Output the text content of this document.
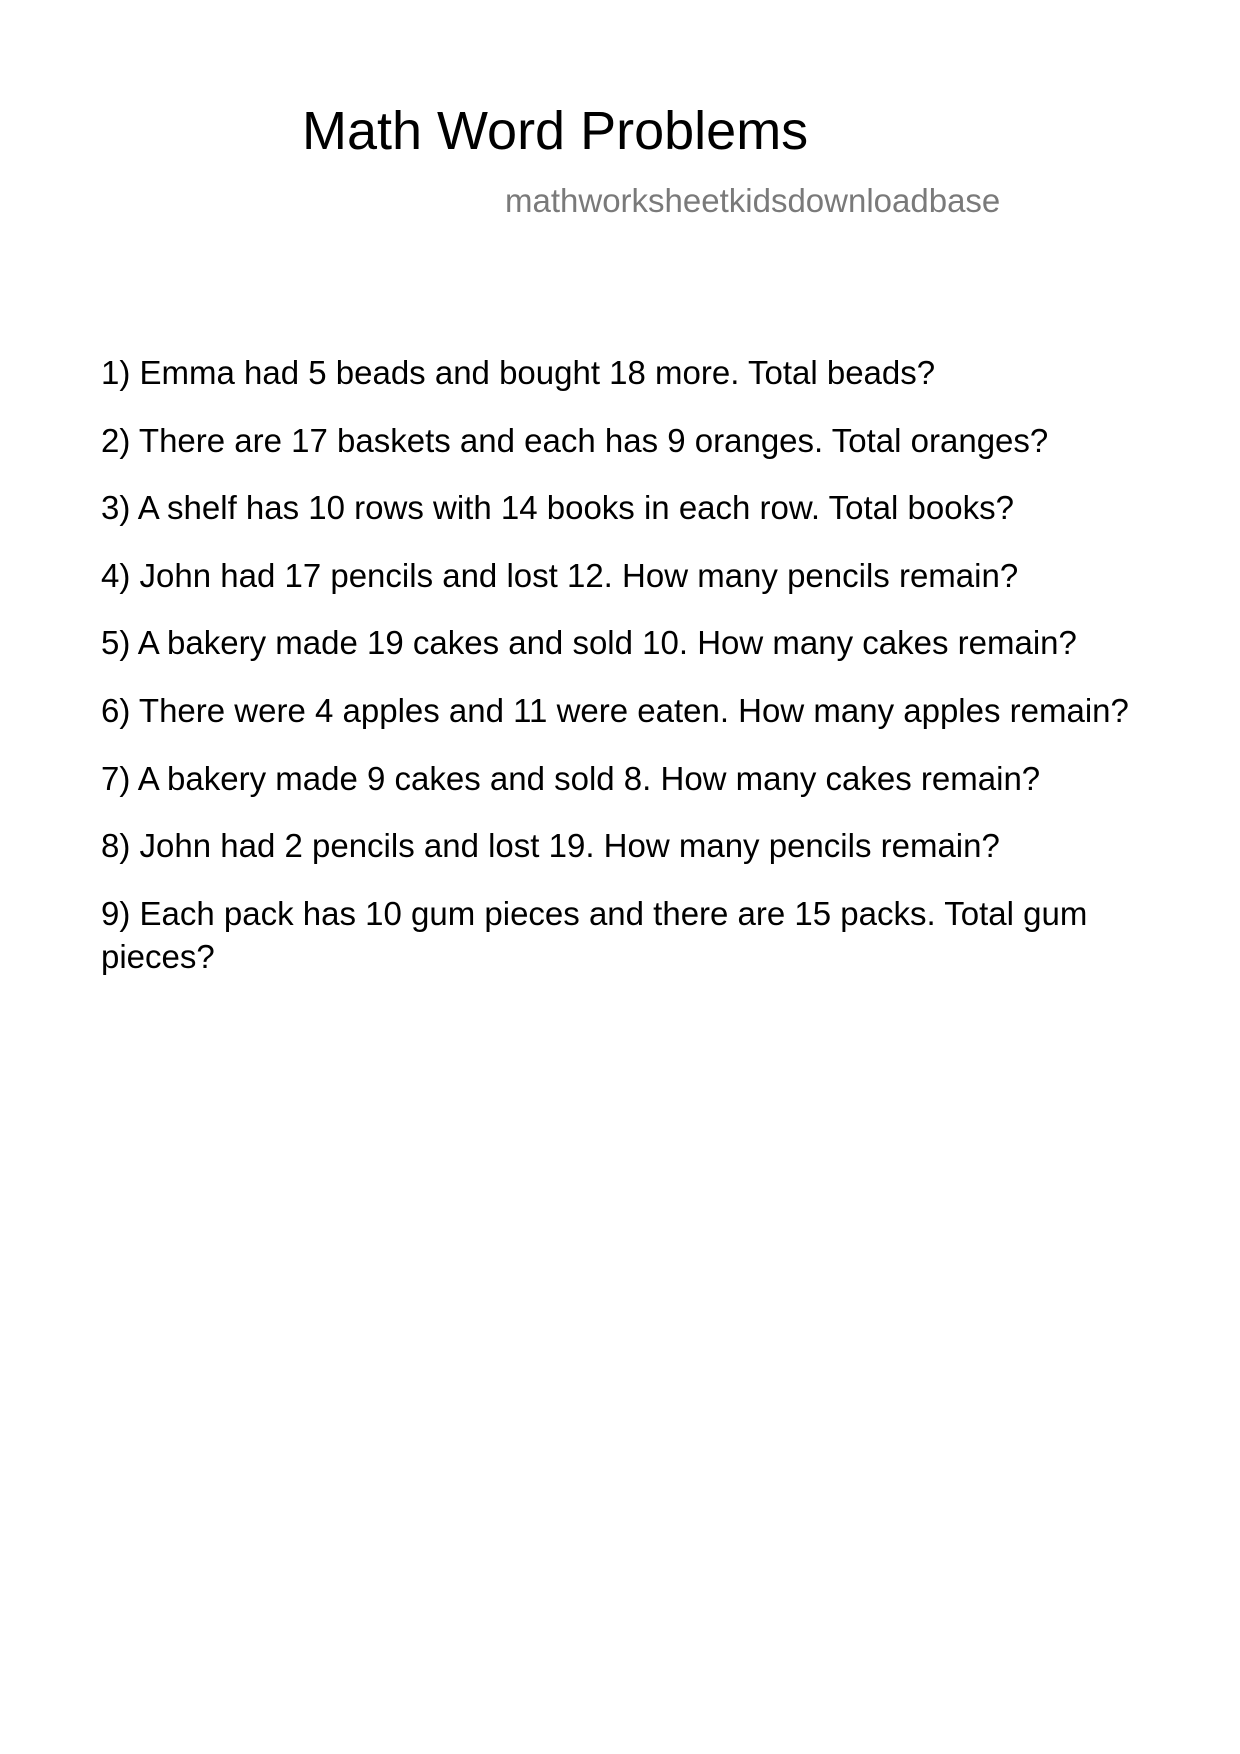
Math Word Problems
mathworksheetkidsdownloadbase
1) Emma had 5 beads and bought 18 more. Total beads?
2) There are 17 baskets and each has 9 oranges. Total oranges?
3) A shelf has 10 rows with 14 books in each row. Total books?
4) John had 17 pencils and lost 12. How many pencils remain?
5) A bakery made 19 cakes and sold 10. How many cakes remain?
6) There were 4 apples and 11 were eaten. How many apples remain?
7) A bakery made 9 cakes and sold 8. How many cakes remain?
8) John had 2 pencils and lost 19. How many pencils remain?
9) Each pack has 10 gum pieces and there are 15 packs. Total gum pieces?
